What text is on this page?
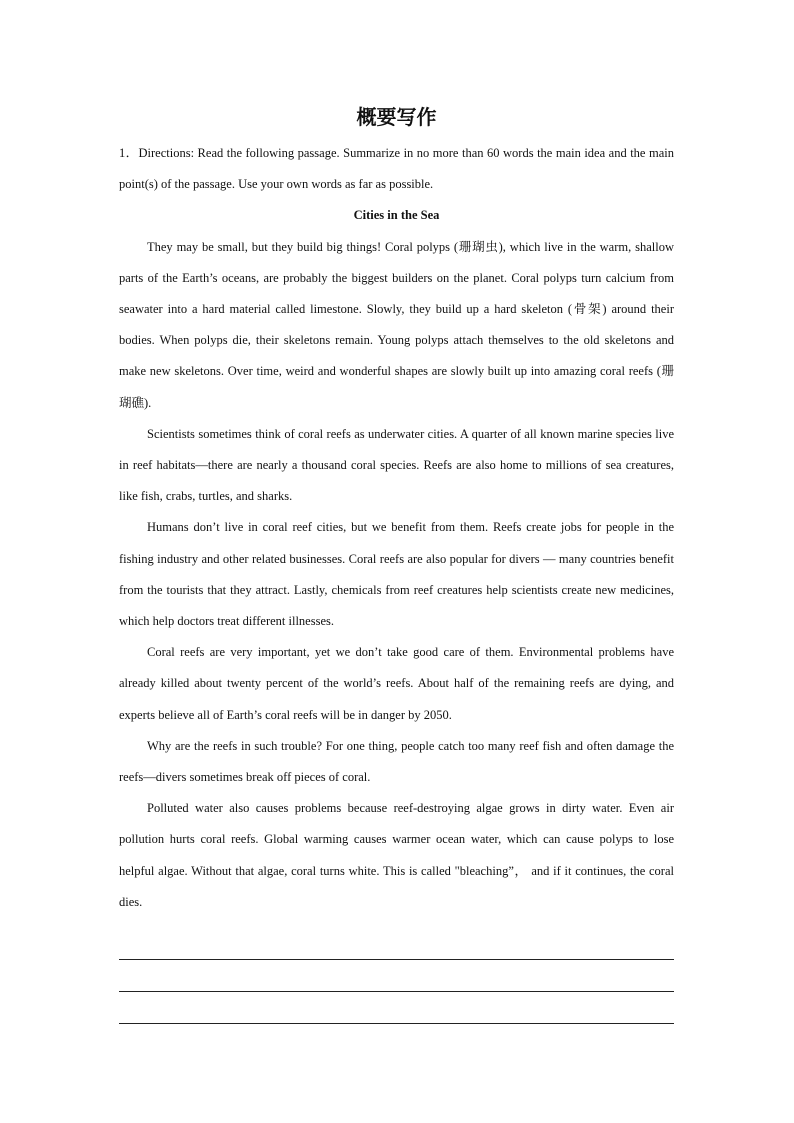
概要写作

1．Directions: Read the following passage. Summarize in no more than 60 words the main idea and the main point(s) of the passage. Use your own words as far as possible.

Cities in the Sea

They may be small, but they build big things! Coral polyps (珊瑚虫), which live in the warm, shallow parts of the Earth’s oceans, are probably the biggest builders on the planet. Coral polyps turn calcium from seawater into a hard material called limestone. Slowly, they build up a hard skeleton (骨架) around their bodies. When polyps die, their skeletons remain. Young polyps attach themselves to the old skeletons and make new skeletons. Over time, weird and wonderful shapes are slowly built up into amazing coral reefs (珊瑚礁).

Scientists sometimes think of coral reefs as underwater cities. A quarter of all known marine species live in reef habitats—there are nearly a thousand coral species. Reefs are also home to millions of sea creatures, like fish, crabs, turtles, and sharks.

Humans don’t live in coral reef cities, but we benefit from them. Reefs create jobs for people in the fishing industry and other related businesses. Coral reefs are also popular for divers — many countries benefit from the tourists that they attract. Lastly, chemicals from reef creatures help scientists create new medicines, which help doctors treat different illnesses.

Coral reefs are very important, yet we don’t take good care of them. Environmental problems have already killed about twenty percent of the world’s reefs. About half of the remaining reefs are dying, and experts believe all of Earth’s coral reefs will be in danger by 2050.

Why are the reefs in such trouble? For one thing, people catch too many reef fish and often damage the reefs—divers sometimes break off pieces of coral.

Polluted water also causes problems because reef-destroying algae grows in dirty water. Even air pollution hurts coral reefs. Global warming causes warmer ocean water, which can cause polyps to lose helpful algae. Without that algae, coral turns white. This is called "bleaching”， and if it continues, the coral dies.
